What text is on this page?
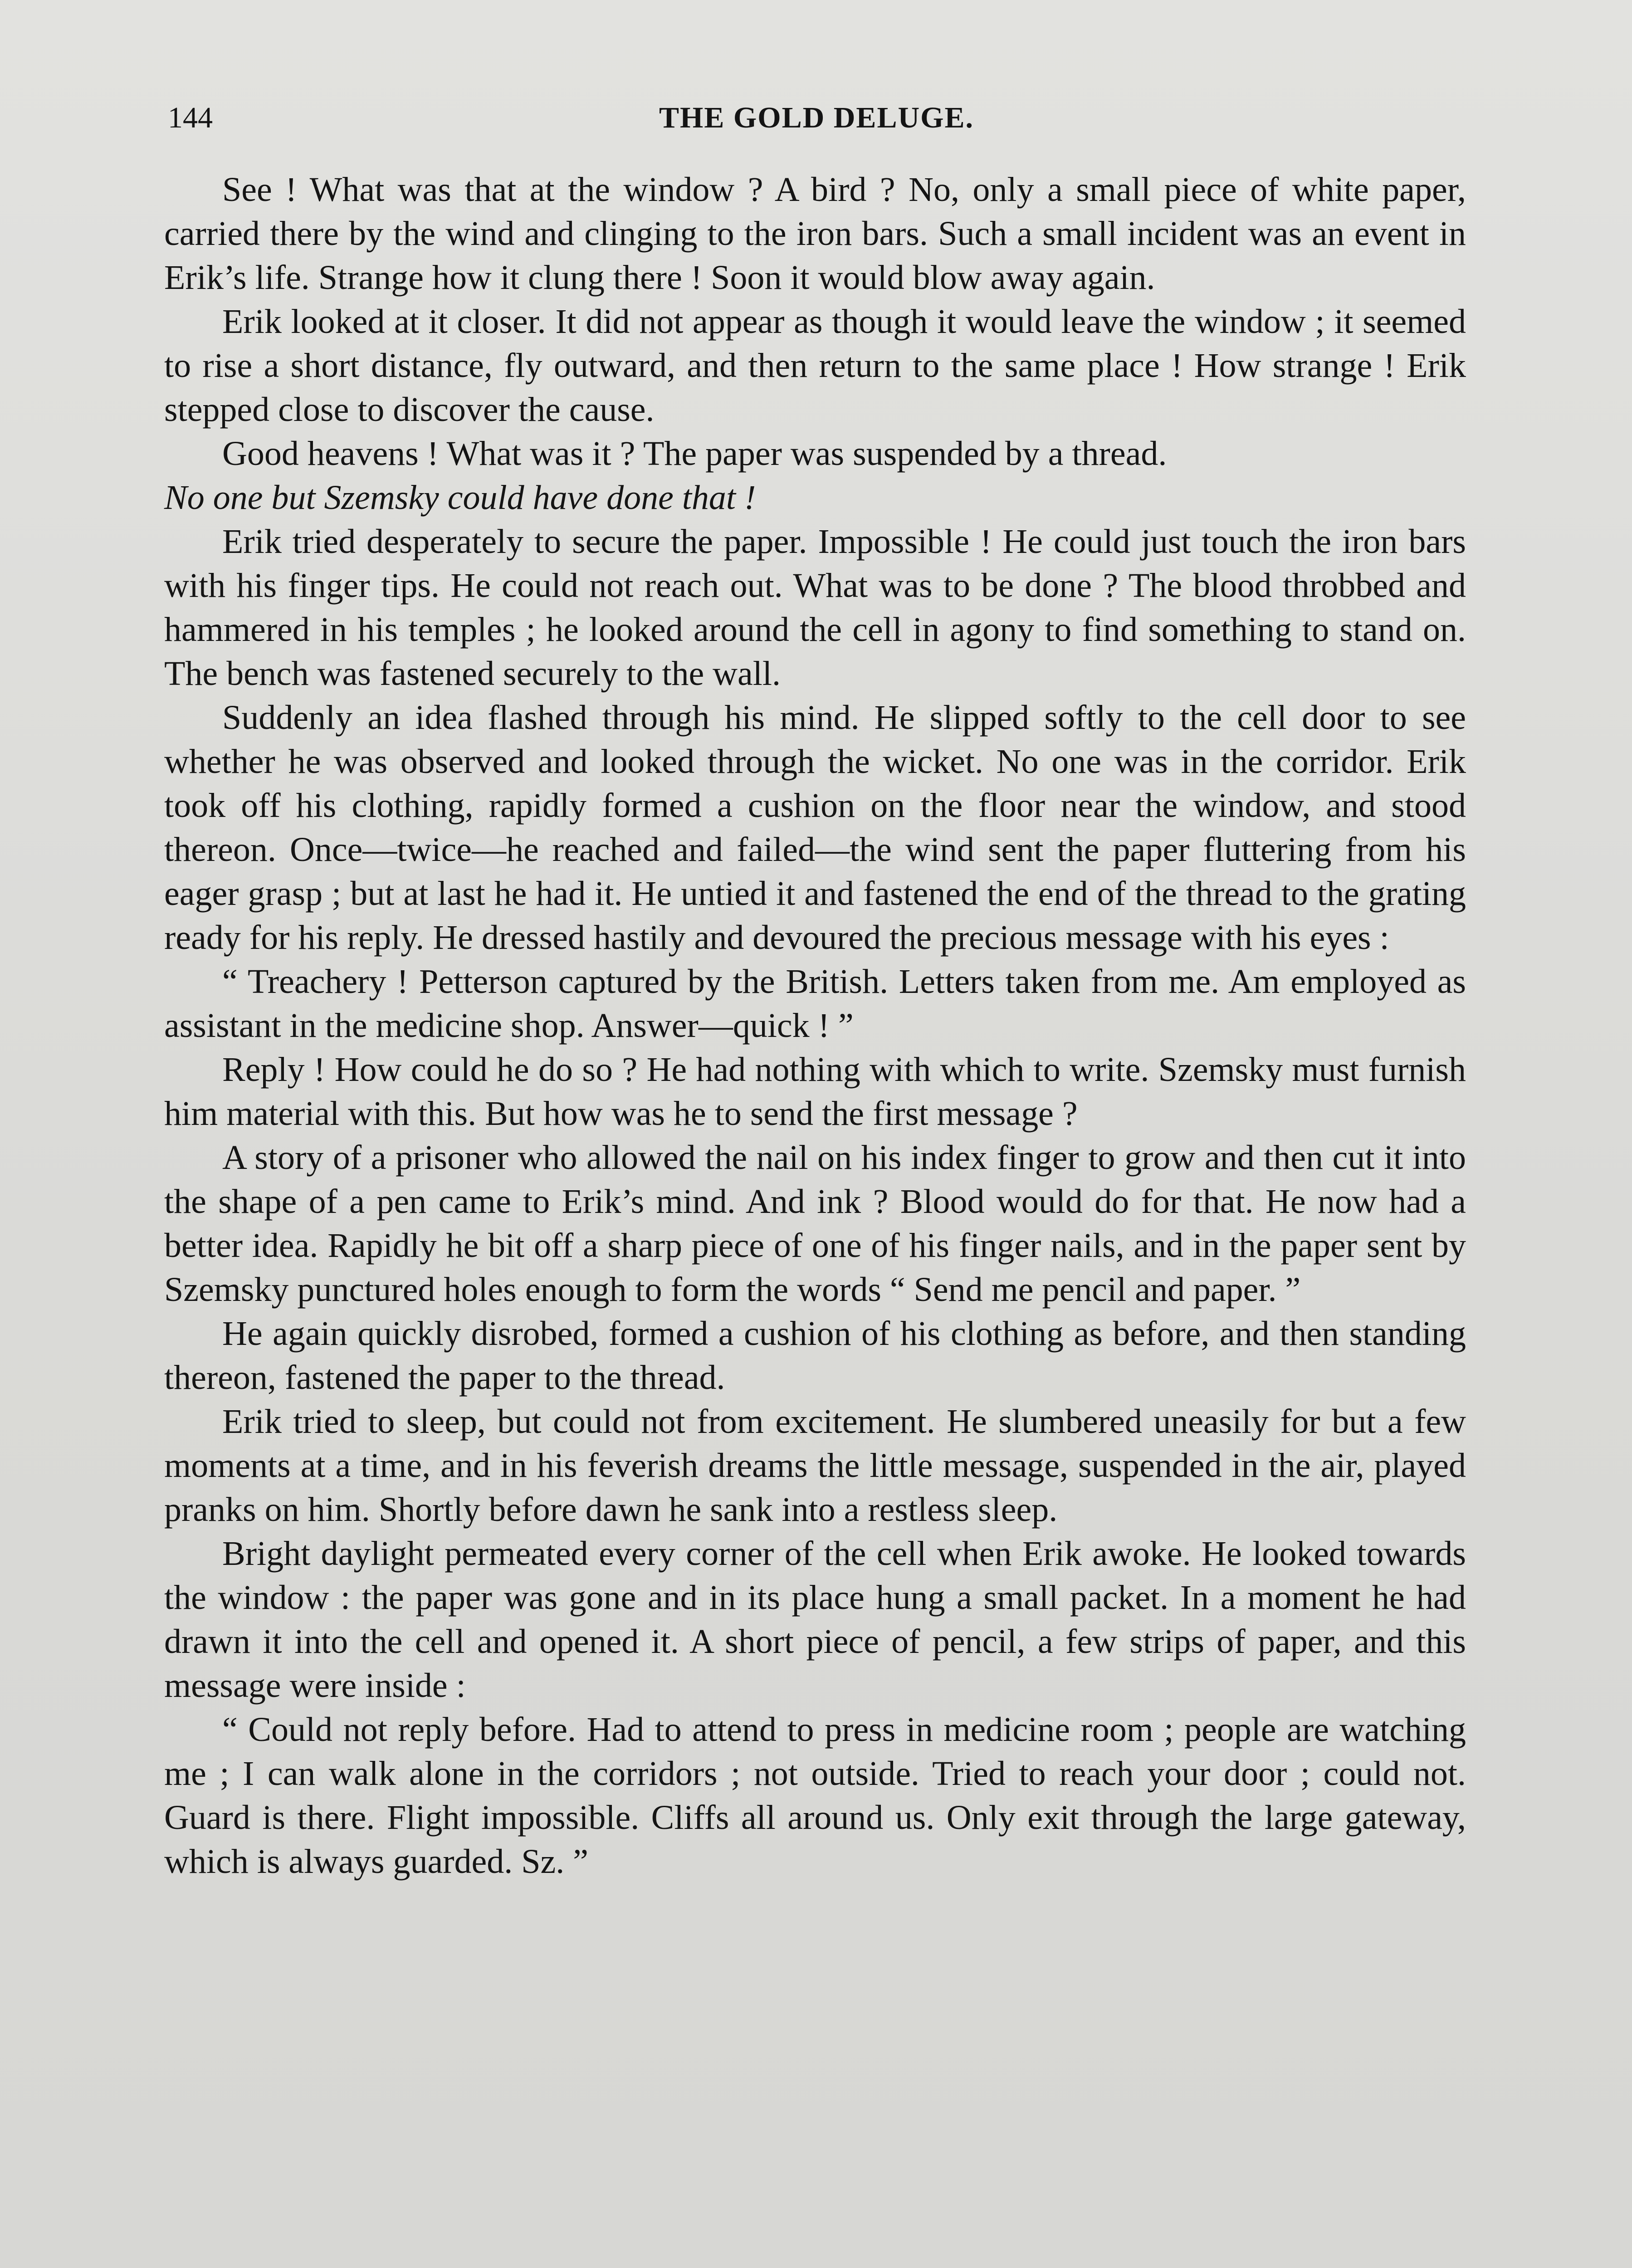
144	THE GOLD DELUGE.

See ! What was that at the window ? A bird ? No, only a small piece of white paper, carried there by the wind and clinging to the iron bars. Such a small incident was an event in Erik’s life. Strange how it clung there ! Soon it would blow away again.

Erik looked at it closer. It did not appear as though it would leave the window ; it seemed to rise a short distance, fly outward, and then return to the same place ! How strange ! Erik stepped close to discover the cause.

Good heavens ! What was it ? The paper was suspended by a thread.

No one but Szemsky could have done that !

Erik tried desperately to secure the paper. Impossible ! He could just touch the iron bars with his finger tips. He could not reach out. What was to be done ? The blood throbbed and hammered in his temples ; he looked around the cell in agony to find something to stand on. The bench was fastened securely to the wall.

Suddenly an idea flashed through his mind. He slipped softly to the cell door to see whether he was observed and looked through the wicket. No one was in the corridor. Erik took off his clothing, rapidly formed a cushion on the floor near the window, and stood thereon. Once—twice—he reached and failed—the wind sent the paper fluttering from his eager grasp ; but at last he had it. He untied it and fastened the end of the thread to the grating ready for his reply. He dressed hastily and devoured the precious message with his eyes :

“ Treachery ! Petterson captured by the British. Letters taken from me. Am employed as assistant in the medicine shop. Answer—quick ! ”

Reply ! How could he do so ? He had nothing with which to write. Szemsky must furnish him material with this. But how was he to send the first message ?

A story of a prisoner who allowed the nail on his index finger to grow and then cut it into the shape of a pen came to Erik’s mind. And ink ? Blood would do for that. He now had a better idea. Rapidly he bit off a sharp piece of one of his finger nails, and in the paper sent by Szemsky punctured holes enough to form the words “ Send me pencil and paper. ”

He again quickly disrobed, formed a cushion of his clothing as before, and then standing thereon, fastened the paper to the thread.

Erik tried to sleep, but could not from excitement. He slumbered uneasily for but a few moments at a time, and in his feverish dreams the little message, suspended in the air, played pranks on him. Shortly before dawn he sank into a restless sleep.

Bright daylight permeated every corner of the cell when Erik awoke. He looked towards the window : the paper was gone and in its place hung a small packet. In a moment he had drawn it into the cell and opened it. A short piece of pencil, a few strips of paper, and this message were inside :

“ Could not reply before. Had to attend to press in medicine room ; people are watching me ; I can walk alone in the corridors ; not outside. Tried to reach your door ; could not. Guard is there. Flight impossible. Cliffs all around us. Only exit through the large gateway, which is always guarded. Sz. ”
